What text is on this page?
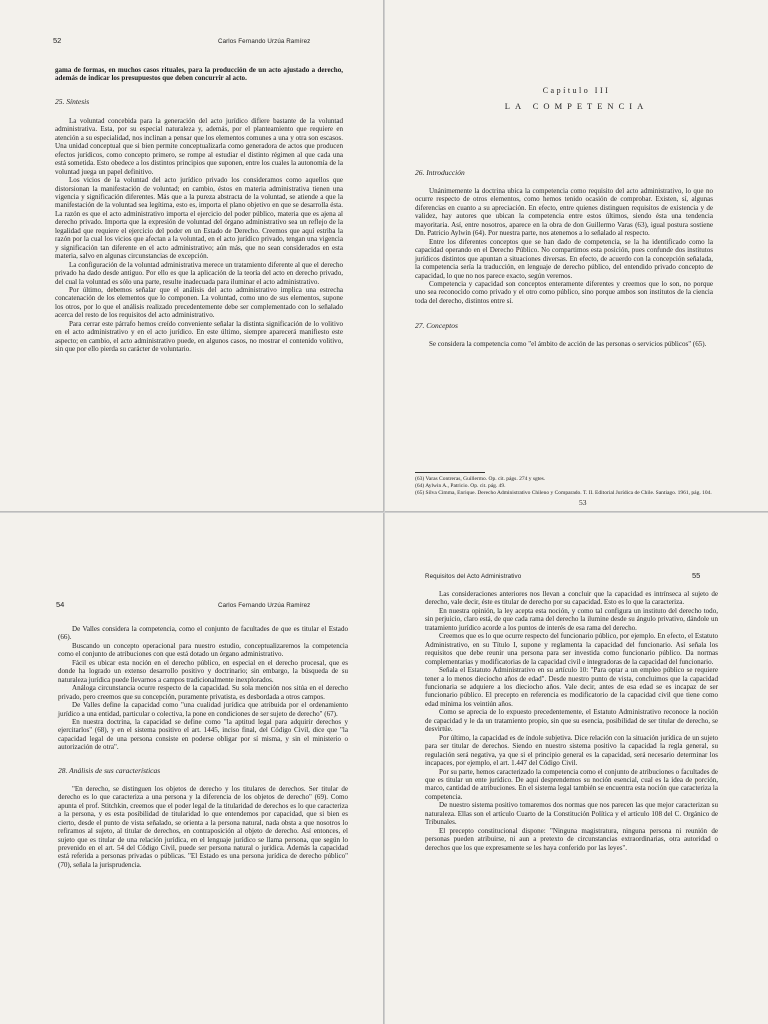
52	Carlos Fernando Urzúa Ramírez

gama de formas, en muchos casos rituales, para la producción de un acto ajustado a derecho, además de indicar los presupuestos que deben concurrir al acto.

25. Síntesis

La voluntad concebida para la generación del acto jurídico difiere bastante de la voluntad administrativa. Esta, por su especial naturaleza y, además, por el planteamiento que requiere en atención a su especialidad, nos inclinan a pensar que los elementos comunes a una y otra son escasos. Una unidad conceptual que si bien permite conceptualizarla como generadora de actos que producen efectos jurídicos, como concepto primero, se rompe al estudiar el distinto régimen al que cada una está sometida. Esto obedece a los distintos principios que suponen, entre los cuales la autonomía de la voluntad juega un papel definitivo.

Los vicios de la voluntad del acto jurídico privado los consideramos como aquellos que distorsionan la manifestación de voluntad; en cambio, éstos en materia administrativa tienen una vigencia y significación diferentes. Más que a la pureza abstracta de la voluntad, se atiende a que la manifestación de la voluntad sea legítima, esto es, importa el plano objetivo en que se desarrolla ésta. La razón es que el acto administrativo importa el ejercicio del poder público, materia que es ajena al derecho privado. Importa que la expresión de voluntad del órgano administrativo sea un reflejo de la legalidad que requiere el ejercicio del poder en un Estado de Derecho. Creemos que aquí estriba la razón por la cual los vicios que afectan a la voluntad, en el acto jurídico privado, tengan una vigencia y significación tan diferente en el acto administrativo; aún más, que no sean considerados en esta materia, salvo en algunas circunstancias de excepción.

La configuración de la voluntad administrativa merece un tratamiento diferente al que el derecho privado ha dado desde antiguo. Por ello es que la aplicación de la teoría del acto en derecho privado, del cual la voluntad es sólo una parte, resulte inadecuada para iluminar el acto administrativo.

Por último, debemos señalar que el análisis del acto administrativo implica una estrecha concatenación de los elementos que lo componen. La voluntad, como uno de sus elementos, supone los otros, por lo que el análisis realizado precedentemente debe ser complementado con lo señalado acerca del resto de los requisitos del acto administrativo.

Para cerrar este párrafo hemos creído conveniente señalar la distinta significación de lo volitivo en el acto administrativo y en el acto jurídico. En este último, siempre aparecerá manifiesto este aspecto; en cambio, el acto administrativo puede, en algunos casos, no mostrar el contenido volitivo, sin que por ello pierda su carácter de voluntario.

Capítulo III
LA COMPETENCIA
26. Introducción

Unánimemente la doctrina ubica la competencia como requisito del acto administrativo, lo que no ocurre respecto de otros elementos, como hemos tenido ocasión de comprobar. Existen, sí, algunas diferencias en cuanto a su apreciación. En efecto, entre quienes distinguen requisitos de existencia y de validez, hay autores que ubican la competencia entre estos últimos, siendo ésta una tendencia mayoritaria. Así, entre nosotros, aparece en la obra de don Guillermo Varas (63), igual postura sostiene Dn. Patricio Aylwin (64). Por nuestra parte, nos atenemos a lo señalado al respecto.

Entre los diferentes conceptos que se han dado de competencia, se la ha identificado como la capacidad operando en el Derecho Público. No compartimos esta posición, pues confunde dos institutos jurídicos distintos que apuntan a situaciones diversas. En efecto, de acuerdo con la concepción señalada, la competencia sería la traducción, en lenguaje de derecho público, del entendido privado concepto de capacidad, lo que no nos parece exacto, según veremos.

Competencia y capacidad son conceptos enteramente diferentes y creemos que lo son, no porque uno sea reconocido como privado y el otro como público, sino porque ambos son institutos de la ciencia toda del derecho, distintos entre sí.

27. Conceptos

Se considera la competencia como "el ámbito de acción de las personas o servicios públicos" (65).

(63) Varas Contreras, Guillermo. Op. cit. págs. 274 y sgtes.

(64) Aylwin A., Patricio. Op. cit. pág. 49.

(65) Silva Cimma, Enrique. Derecho Administrativo Chileno y Comparado. T. II. Editorial Jurídica de Chile. Santiago. 1961, pág. 104.

53
54	Carlos Fernando Urzúa Ramírez

De Valles considera la competencia, como el conjunto de facultades de que es titular el Estado (66).

Buscando un concepto operacional para nuestro estudio, conceptualizaremos la competencia como el conjunto de atribuciones con que está dotado un órgano administrativo.

Fácil es ubicar esta noción en el derecho público, en especial en el derecho procesal, que es donde ha logrado un extenso desarrollo positivo y doctrinario; sin embargo, la búsqueda de su naturaleza jurídica puede llevarnos a campos tradicionalmente inexplorados.

Análoga circunstancia ocurre respecto de la capacidad. Su sola mención nos sitúa en el derecho privado, pero creemos que su concepción, puramente privatista, es desbordada a otros campos.

De Valles define la capacidad como "una cualidad jurídica que atribuida por el ordenamiento jurídico a una entidad, particular o colectiva, la pone en condiciones de ser sujeto de derecho" (67).

En nuestra doctrina, la capacidad se define como "la aptitud legal para adquirir derechos y ejercitarlos" (68), y en el sistema positivo el art. 1445, inciso final, del Código Civil, dice que "la capacidad legal de una persona consiste en poderse obligar por sí misma, y sin el ministerio o autorización de otra".

28. Análisis de sus características

"En derecho, se distinguen los objetos de derecho y los titulares de derechos. Ser titular de derecho es lo que caracteriza a una persona y la diferencia de los objetos de derecho" (69). Como apunta el prof. Stitchkin, creemos que el poder legal de la titularidad de derechos es lo que caracteriza a la persona, y es esta posibilidad de titularidad lo que entendemos por capacidad, que si bien es cierto, desde el punto de vista señalado, se orienta a la persona natural, nada obsta a que nosotros lo refiramos al sujeto, al titular de derechos, en contraposición al objeto de derecho. Así entonces, el sujeto que es titular de una relación jurídica, en el lenguaje jurídico se llama persona, que según lo prevenido en el art. 54 del Código Civil, puede ser persona natural o jurídica. Además la capacidad está referida a personas privadas o públicas. "El Estado es una persona jurídica de derecho público" (70), señala la jurisprudencia.

Requisitos del Acto Administrativo	55

Las consideraciones anteriores nos llevan a concluir que la capacidad es intrínseca al sujeto de derecho, vale decir, éste es titular de derecho por su capacidad. Esto es lo que la caracteriza.

En nuestra opinión, la ley acepta esta noción, y como tal configura un instituto del derecho todo, sin perjuicio, claro está, de que cada rama del derecho la ilumine desde su ángulo privativo, dándole un tratamiento jurídico acorde a los puntos de interés de esa rama del derecho.

Creemos que es lo que ocurre respecto del funcionario público, por ejemplo. En efecto, el Estatuto Administrativo, en su Título I, supone y reglamenta la capacidad del funcionario. Así señala los requisitos que debe reunir una persona para ser investida como funcionario público. Da normas complementarias y modificatorias de la capacidad civil e integradoras de la capacidad del funcionario.

Señala el Estatuto Administrativo en su artículo 10: "Para optar a un empleo público se requiere tener a lo menos dieciocho años de edad". Desde nuestro punto de vista, concluimos que la capacidad funcionaria se adquiere a los dieciocho años. Vale decir, antes de esa edad se es incapaz de ser funcionario público. El precepto en referencia es modificatorio de la capacidad civil que tiene como edad mínima los veintiún años.

Como se aprecia de lo expuesto precedentemente, el Estatuto Administrativo reconoce la noción de capacidad y le da un tratamiento propio, sin que su esencia, posibilidad de ser titular de derecho, se desvirtúe.

Por último, la capacidad es de índole subjetiva. Dice relación con la situación jurídica de un sujeto para ser titular de derechos. Siendo en nuestro sistema positivo la capacidad la regla general, su regulación será negativa, ya que si el principio general es la capacidad, será necesario determinar los incapaces, por ejemplo, el art. 1.447 del Código Civil.

Por su parte, hemos caracterizado la competencia como el conjunto de atribuciones o facultades de que es titular un ente jurídico. De aquí desprendemos su noción esencial, cual es la idea de porción, marco, cantidad de atribuciones. En el sistema legal también se encuentra esta noción que caracteriza la competencia.

De nuestro sistema positivo tomaremos dos normas que nos parecen las que mejor caracterizan su naturaleza. Ellas son el artículo Cuarto de la Constitución Política y el artículo 108 del C. Orgánico de Tribunales.

El precepto constitucional dispone: "Ninguna magistratura, ninguna persona ni reunión de personas pueden atribuirse, ni aun a pretexto de circunstancias extraordinarias, otra autoridad o derechos que los que expresamente se les haya conferido por las leyes".
